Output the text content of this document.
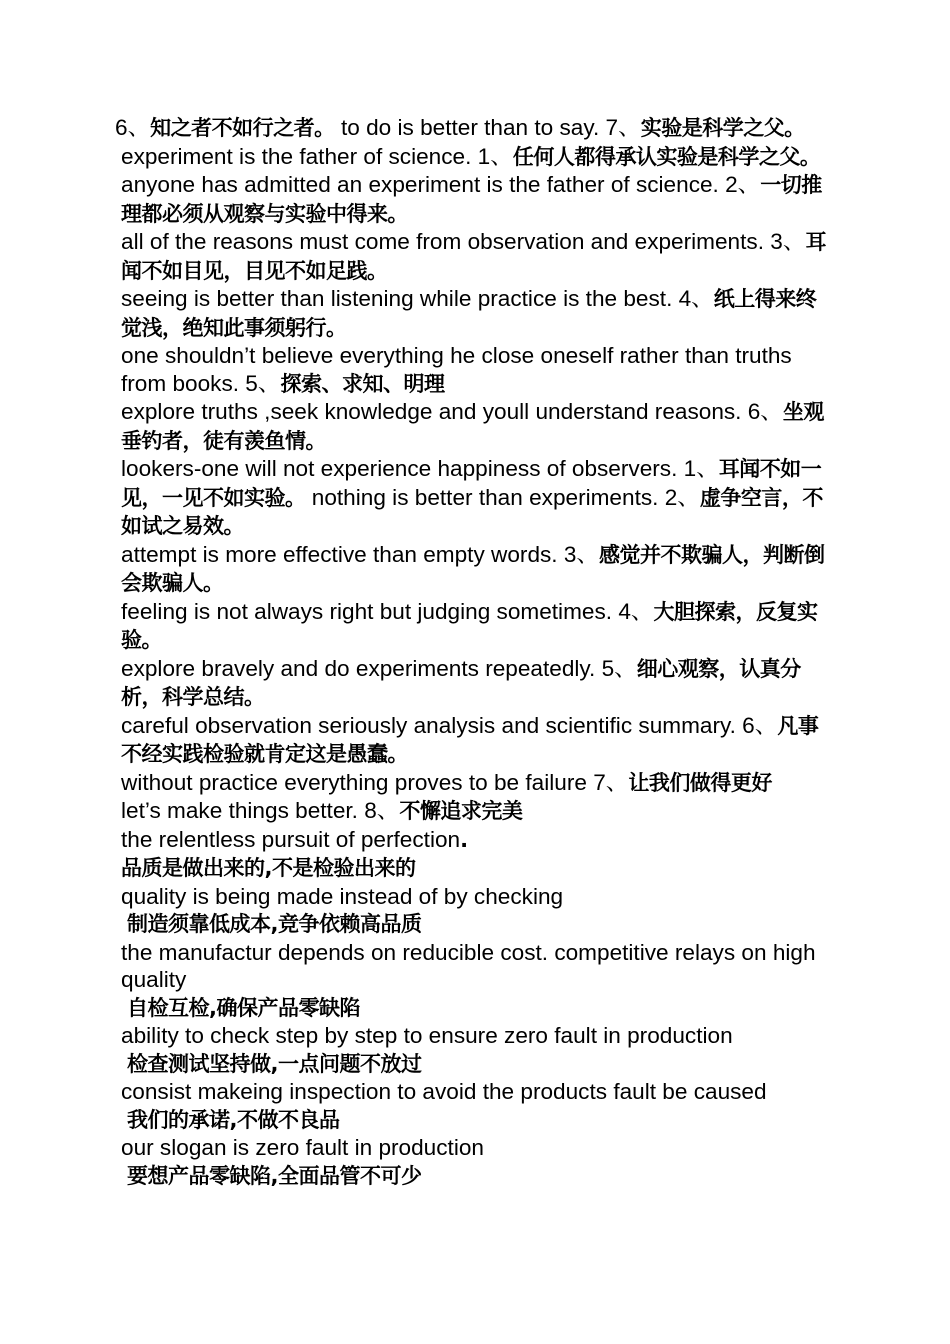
6、知之者不如行之者。 to do is better than to say. 7、实验是科学之父。

experiment is the father of science. 1、任何人都得承认实验是科学之父。

anyone has admitted an experiment is the father of science. 2、一切推理都必须从观察与实验中得来。

all of the reasons must come from observation and experiments. 3、耳闻不如目见，目见不如足践。

seeing is better than listening while practice is the best. 4、纸上得来终觉浅，绝知此事须躬行。

one shouldn’t believe everything he close oneself rather than truths from books. 5、探索、求知、明理

explore truths ,seek knowledge and youll understand reasons. 6、坐观垂钓者，徒有羡鱼情。

lookers-one will not experience happiness of observers. 1、耳闻不如一见，一见不如实验。 nothing is better than experiments. 2、虚争空言，不如试之易效。

attempt is more effective than empty words. 3、感觉并不欺骗人，判断倒会欺骗人。

feeling is not always right but judging sometimes. 4、大胆探索，反复实验。

explore bravely and do experiments repeatedly. 5、细心观察，认真分析，科学总结。

careful observation seriously analysis and scientific summary. 6、凡事不经实践检验就肯定这是愚蠢。

without practice everything proves to be failure 7、让我们做得更好

let’s make things better. 8、不懈追求完美

the relentless pursuit of perfection.

品质是做出来的,不是检验出来的

quality is being made instead of by checking

制造须靠低成本,竞争依赖高品质

the manufactur depends on reducible cost. competitive relays on high quality

自检互检,确保产品零缺陷

ability to check step by step to ensure zero fault in production

检查测试坚持做,一点问题不放过

consist makeing inspection to avoid the products fault be caused

我们的承诺,不做不良品

our slogan is zero fault in production

要想产品零缺陷,全面品管不可少
